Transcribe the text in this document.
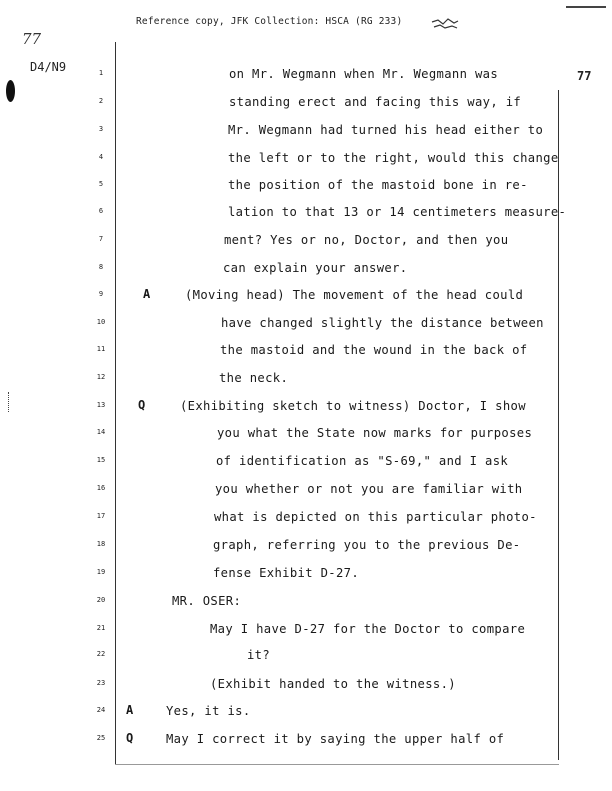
Reference copy, JFK Collection: HSCA (RG 233)
77
D4/N9
77
1	on Mr. Wegmann when Mr. Wegmann was
2	standing erect and facing this way, if
3	Mr. Wegmann had turned his head either to
4	the left or to the right, would this change
5	the position of the mastoid bone in re-
6	lation to that 13 or 14 centimeters measure-
7	ment? Yes or no, Doctor, and then you
8	can explain your answer.
9	A	(Moving head) The movement of the head could
10	have changed slightly the distance between
11	the mastoid and the wound in the back of
12	the neck.
13	Q	(Exhibiting sketch to witness) Doctor, I show
14	you what the State now marks for purposes
15	of identification as "S-69," and I ask
16	you whether or not you are familiar with
17	what is depicted on this particular photo-
18	graph, referring you to the previous De-
19	fense Exhibit D-27.
20	MR. OSER:
21	May I have D-27 for the Doctor to compare
22	it?
23	(Exhibit handed to the witness.)
24	A	Yes, it is.
25	Q	May I correct it by saying the upper half of
